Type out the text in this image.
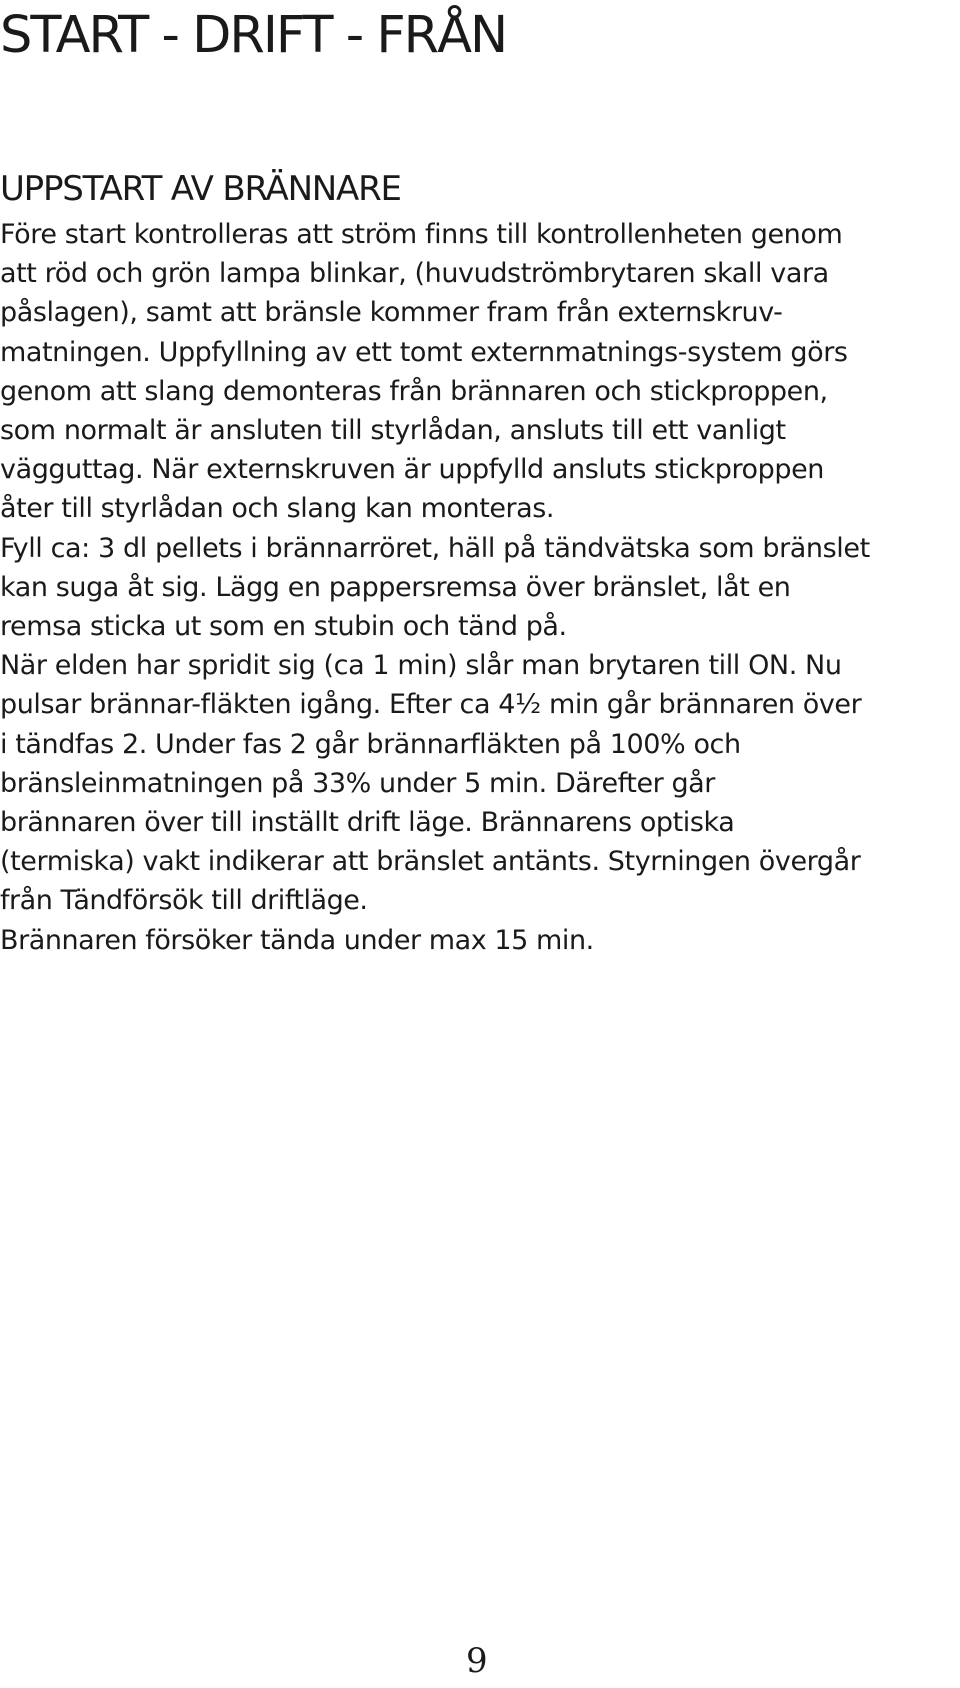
START - DRIFT - FRÅN
UPPSTART AV BRÄNNARE
Före start kontrolleras att ström finns till kontrollenheten genom
att röd och grön lampa blinkar, (huvudströmbrytaren skall vara
påslagen), samt att bränsle kommer fram från externskruv-
matningen. Uppfyllning av ett tomt externmatnings-system görs
genom att slang demonteras från brännaren och stickproppen,
som normalt är ansluten till styrlådan, ansluts till ett vanligt
vägguttag. När externskruven är uppfylld ansluts stickproppen
åter till styrlådan och slang kan monteras.
Fyll ca: 3 dl pellets i brännarröret, häll på tändvätska som bränslet
kan suga åt sig. Lägg en pappersremsa över bränslet, låt en
remsa sticka ut som en stubin och tänd på.
När elden har spridit sig (ca 1 min) slår man brytaren till ON. Nu
pulsar brännar-fläkten igång. Efter ca 4½ min går brännaren över
i tändfas 2. Under fas 2 går brännarfläkten på 100% och
bränsleinmatningen på 33% under 5 min. Därefter går
brännaren över till inställt drift läge. Brännarens optiska
(termiska) vakt indikerar att bränslet antänts. Styrningen övergår
från Tändförsök till driftläge.
Brännaren försöker tända under max 15 min.
9
